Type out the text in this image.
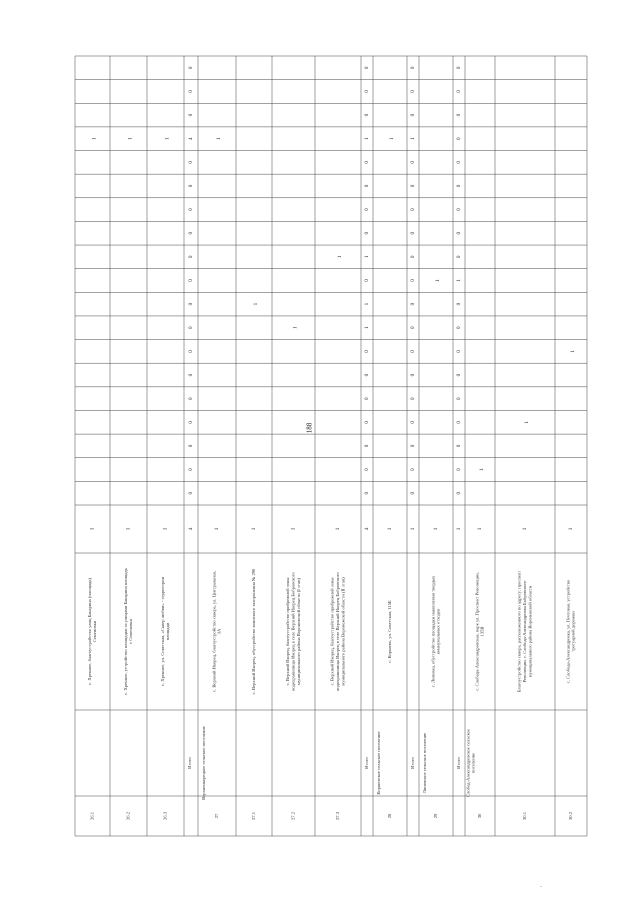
188
26.1
с. Хренное, благоустройство улиц Бакарина (площадь)Семеновки
1
1
26.2
с. Хренное, устройство площадки за улицами Бакарина площадьс Семеновки
1
1
26.3
с. Хренное, ул. Советская, «Сквер любви» - территорииплощади
1
1
Итого
4
0
0
0
0
0
0
0
0
0
0
0
0
0
0
0
4
0
0
0
27
Верхнеикорецкое сельское поселение
с. Верхний Икорец, благоустройство сквера, ул. Центральная,3А
1
1
27.1
с. Верхний Икорец, обустройство воинского захоронения № 290
1
1
27.2
с. Верхний Икорец, благоустройство прибрежной зоныводохранилища Икорец в селе Верхний Икорец Бобровскогомуниципального района Воронежской области (I этап)
1
1
27.3
с. Верхний Икорец, благоустройство прибрежной зоныводохранилища Икорец в селе Верхний Икорец Бобровскогомуниципального района Воронежской области (II этап)
1
1
Итого
4
0
0
0
0
0
0
0
1
1
0
1
0
0
0
0
1
0
0
0
28
Коршевское сельское поселение
с. Коршево, ул. Советская, 115Б
1
1
Итого
1
0
0
0
0
0
0
0
0
0
0
0
0
0
0
0
1
0
0
0
29
Липовское сельское поселение
с. Липовка, обустройство площадки накопления твердыхкоммунальных отходов
1
1
Итого
1
0
0
0
0
0
0
0
0
0
1
0
0
0
0
0
0
0
0
0
30
Слобод-Александровское сельскоепоселение
с. Слобода-Александровская, парк ул. Проспект Революции,135В
1
1
30.1
Благоустройство сквера, расположенного по адресу: проспектРеволюции, с. Слобода-Александровка Бобровскогомуниципального района Воронежской области
1
1
30.2
с. Слобода-Александровка, ул. Почтовая, устройствотротуарной дорожки
1
1
-
